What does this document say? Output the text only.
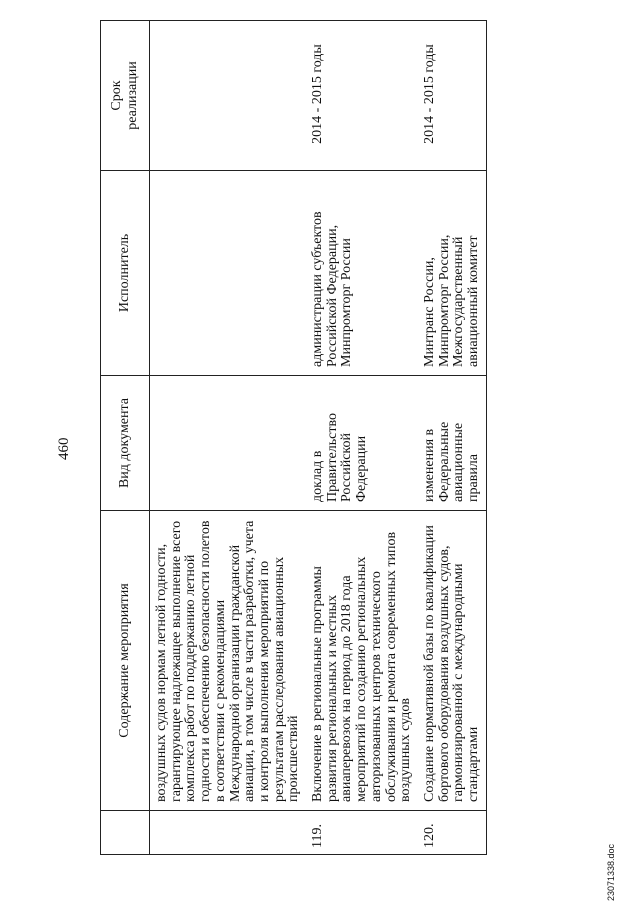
460
	Содержание мероприятия	Вид документа	Исполнитель	Срок
реализации
	воздушных судов нормам летной годности, гарантирующее надлежащее выполнение всего комплекса работ по поддержанию летной годности и обеспечению безопасности полетов в соответствии с рекомендациями Международной организации гражданской авиации, в том числе в части разработки, учета и контроля выполнения мероприятий по результатам расследования авиационных происшествий			
119.	Включение в региональные программы развития региональных и местных авиаперевозок на период до 2018 года мероприятий по созданию региональных авторизованных центров технического обслуживания и ремонта современных типов воздушных судов	доклад в Правительство Российской Федерации	администрации субъектов Российской Федерации, Минпромторг России	2014 - 2015 годы
120.	Создание нормативной базы по квалификации бортового оборудования воздушных судов, гармонизированной с международными стандартами	изменения в Федеральные авиационные правила	Минтранс России, Минпромторг России, Межгосударственный авиационный комитет	2014 - 2015 годы
23071338.doc
